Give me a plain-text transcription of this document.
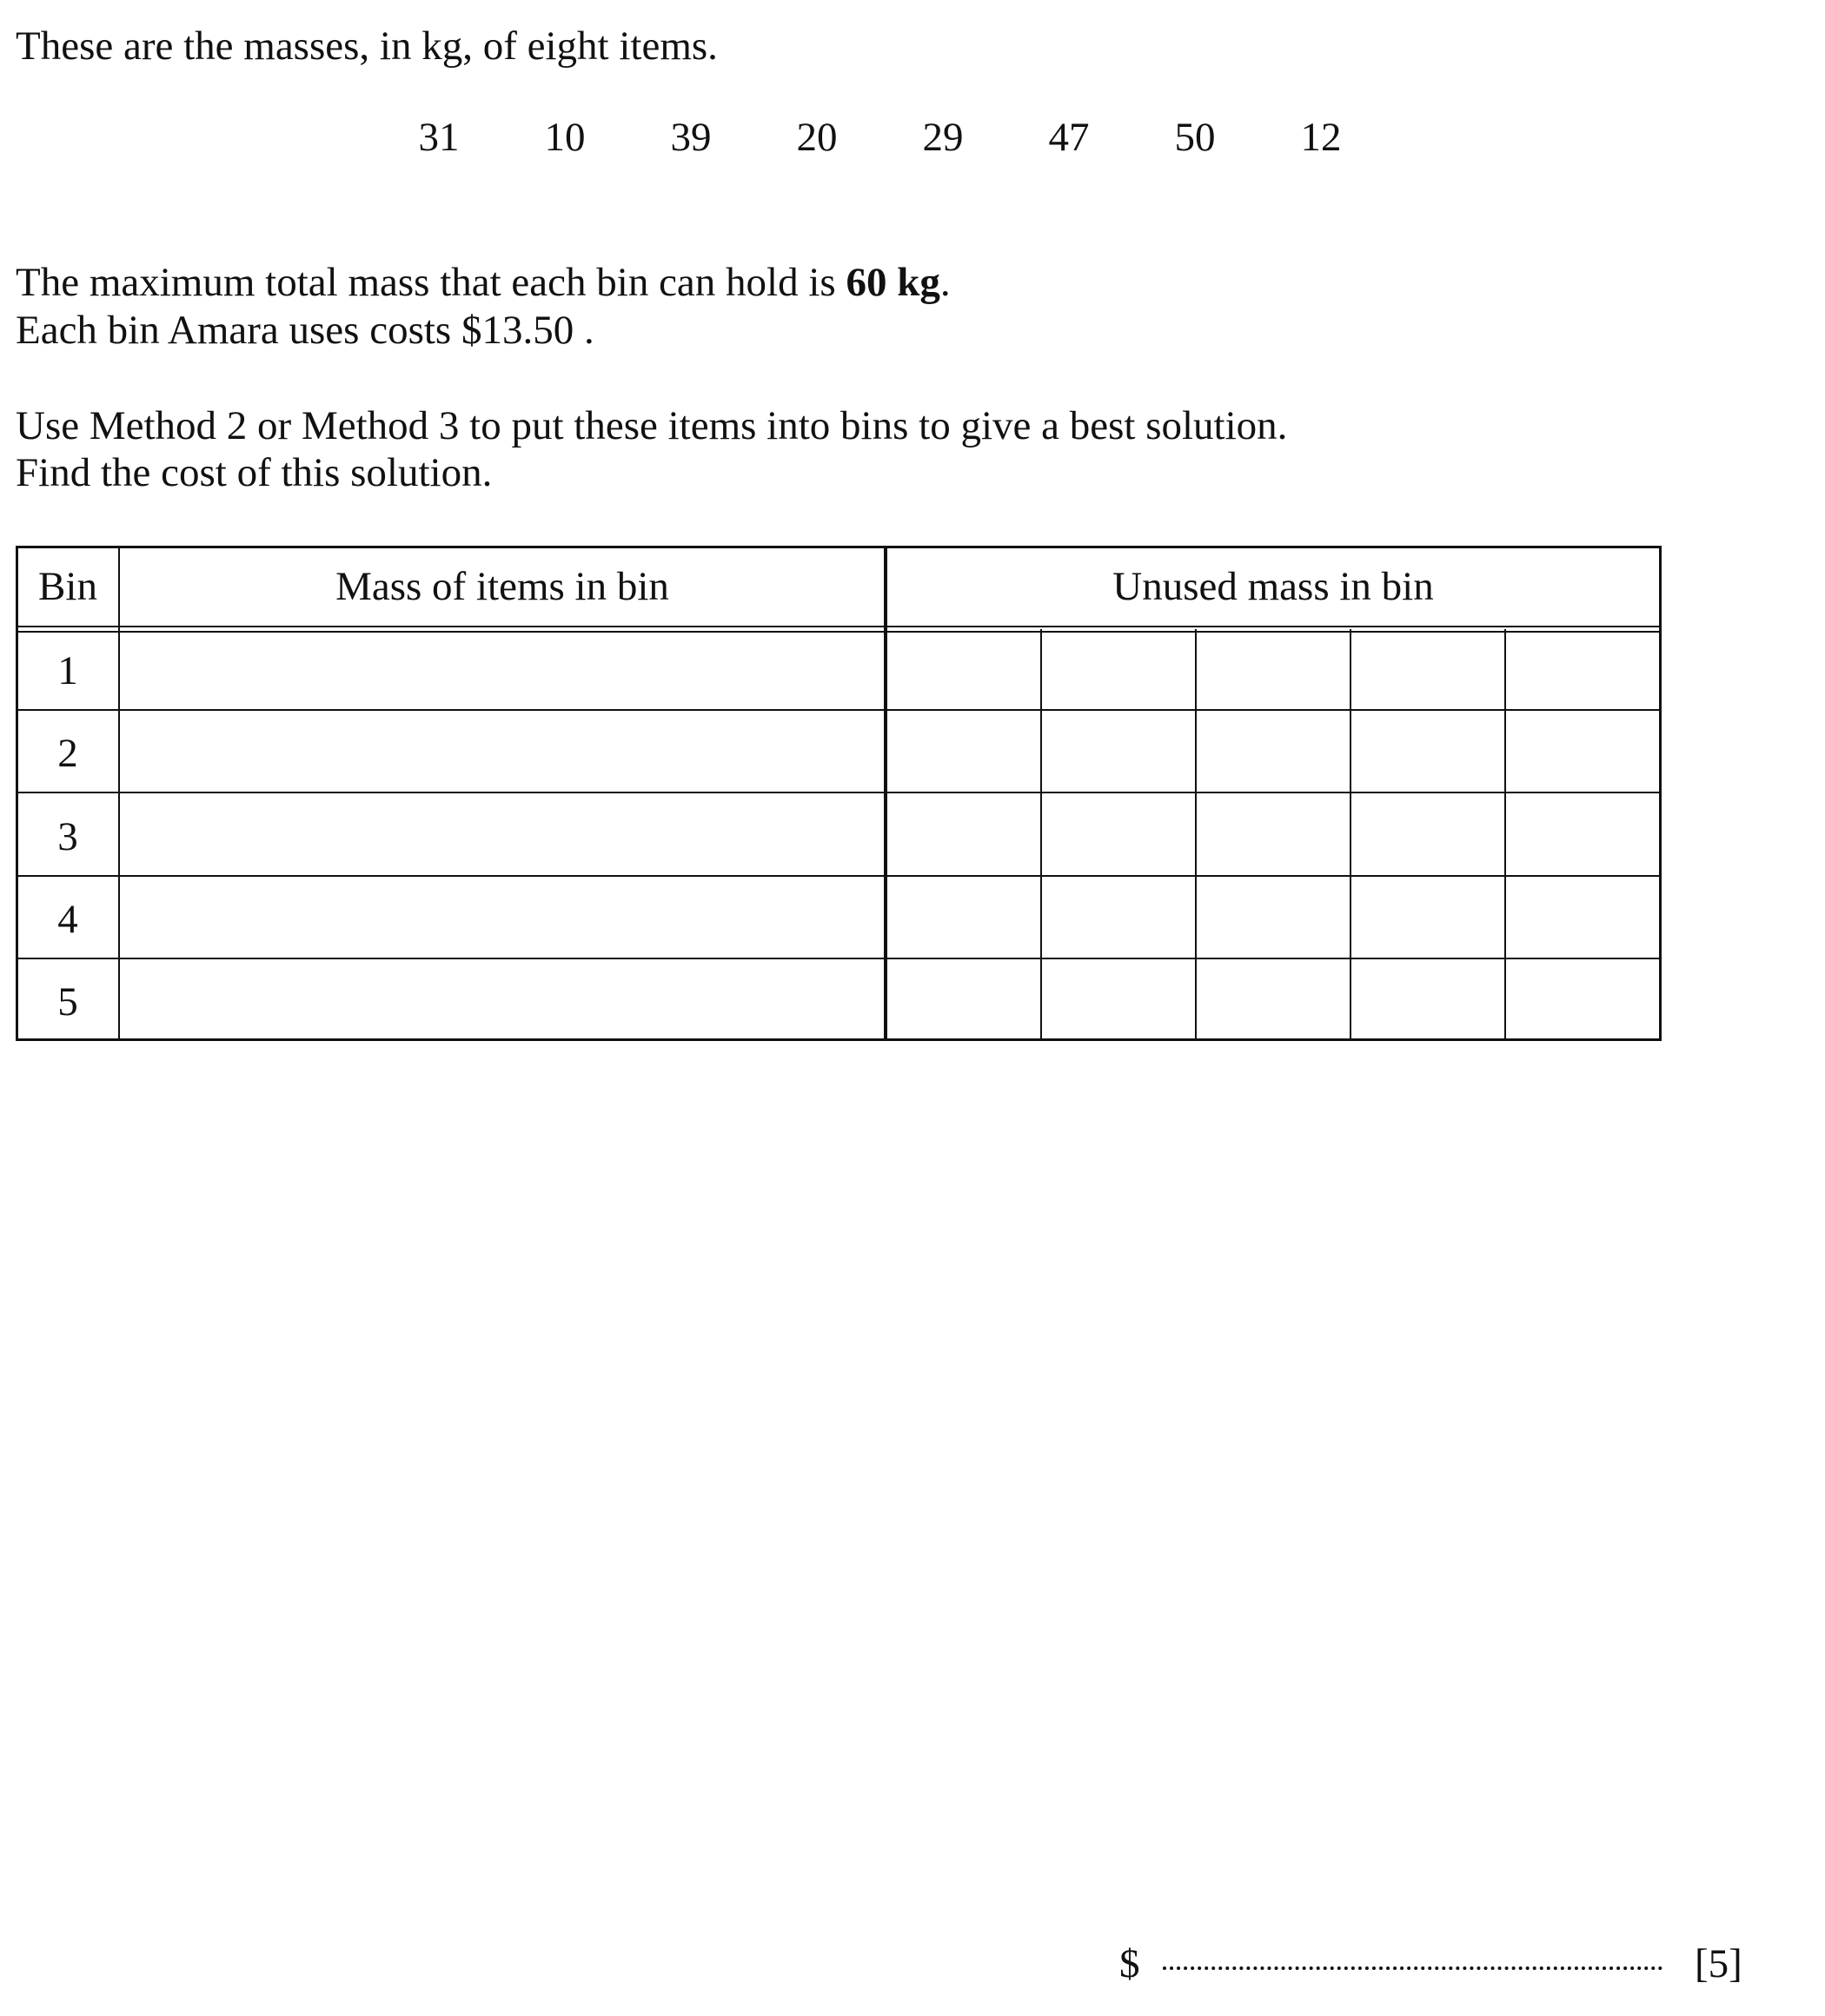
These are the masses, in kg, of eight items.
31	10	39	20	29	47	50	12
The maximum total mass that each bin can hold is 60 kg.
Each bin Amara uses costs $13.50 .
Use Method 2 or Method 3 to put these items into bins to give a best solution.
Find the cost of this solution.
Bin	Mass of items in bin	Unused mass in bin
1
2
3
4
5
$	[5]
